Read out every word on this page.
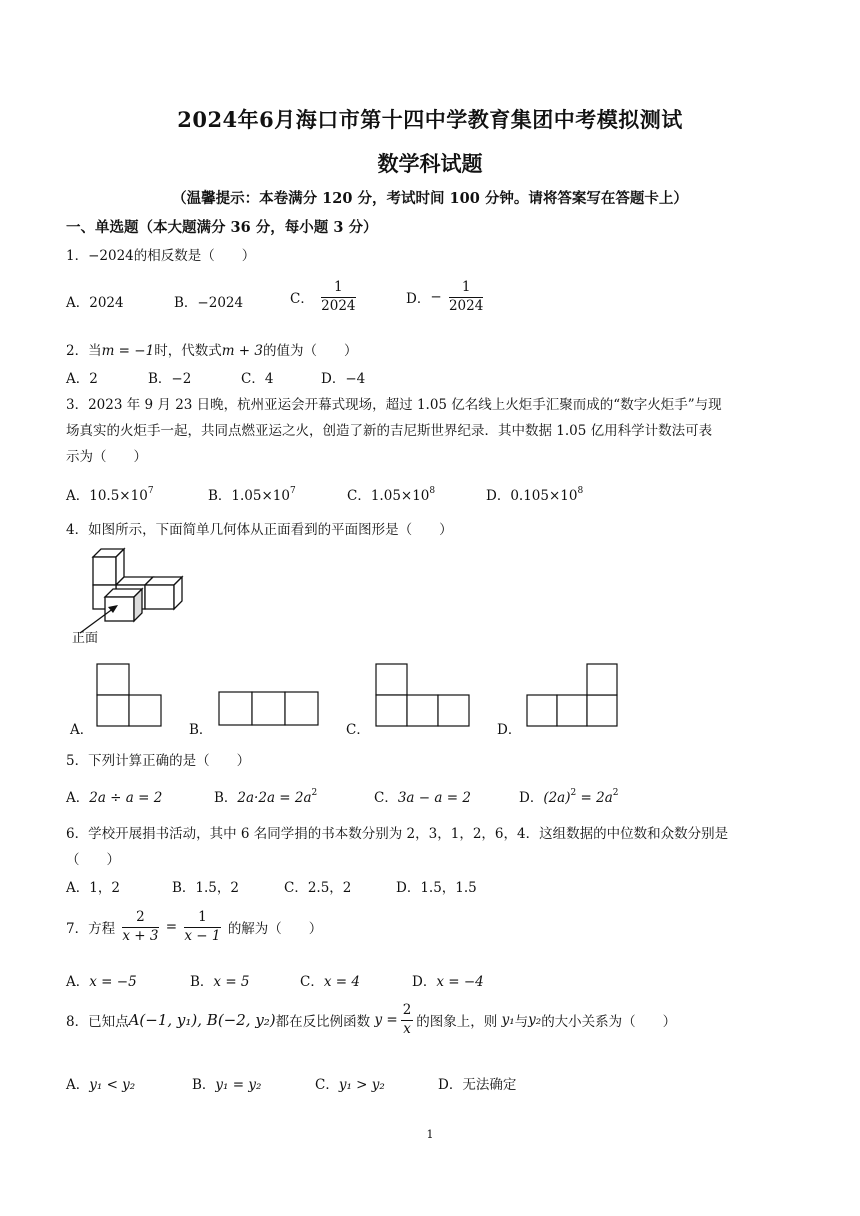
2024年6月海口市第十四中学教育集团中考模拟测试
数学科试题
（温馨提示：本卷满分 120 分，考试时间 100 分钟。请将答案写在答题卡上）
一、单选题（本大题满分 36 分，每小题 3 分）
1．−2024的相反数是（　　）
A．2024	B．−2024	C． $\frac{1}{2024}$	D．− $\frac{1}{2024}$
2．当m = −1时，代数式m + 3的值为（　　）
A．2	B．−2	C．4	D．−4
3．2023 年 9 月 23 日晚，杭州亚运会开幕式现场，超过 1.05 亿名线上火炬手汇聚而成的“数字火炬手”与现
场真实的火炬手一起，共同点燃亚运之火，创造了新的吉尼斯世界纪录．其中数据 1.05 亿用科学计数法可表
示为（　　）
A．$10.5\times 10^7$	B．$1.05\times 10^7$	C．$1.05\times 10^8$	D．$0.105\times 10^8$
4．如图所示，下面简单几何体从正面看到的平面图形是（　　）
正面
A．	B．	C．	D．
5．下列计算正确的是（　　）
A．2a ÷ a = 2	B．$2a\cdot 2a = 2a^2$	C．3a − a = 2	D．$(2a)^2 = 2a^2$
6．学校开展捐书活动，其中 6 名同学捐的书本数分别为 2，3，1，2，6，4．这组数据的中位数和众数分别是
（　　）
A．1，2	B．1.5，2	C．2.5，2	D．1.5，1.5
7．方程 $\frac{2}{x + 3} = \frac{1}{x - 1}$ 的解为（　　）
A．x = −5	B．x = 5	C．x = 4	D．x = −4
8．已知点A(−1, y₁), B(−2, y₂)都在反比例函数 $y = \frac{2}{x}$ 的图象上，则 y₁与y₂的大小关系为（　　）
A．y₁ < y₂	B．y₁ = y₂	C．y₁ > y₂	D．无法确定
1
